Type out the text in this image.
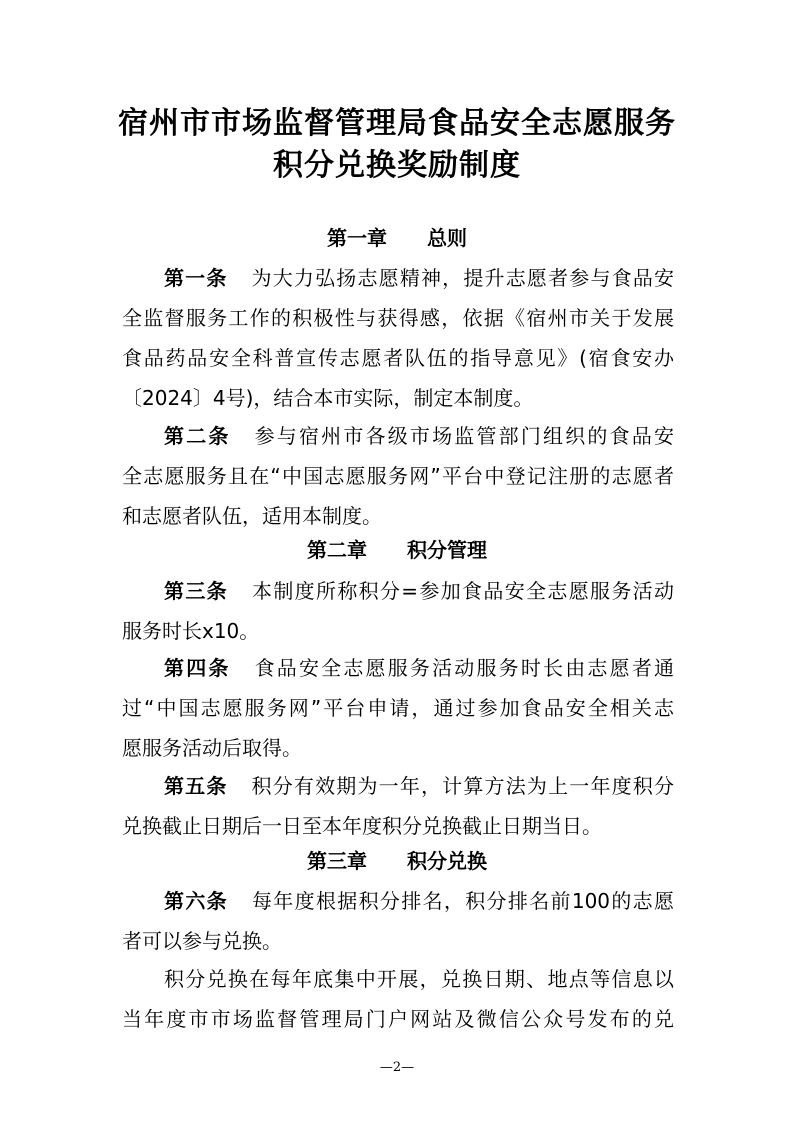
宿州市市场监督管理局食品安全志愿服务
积分兑换奖励制度
第一章　　总则

第一条 为大力弘扬志愿精神，提升志愿者参与食品安

全监督服务工作的积极性与获得感，依据《宿州市关于发展

食品药品安全科普宣传志愿者队伍的指导意见》(宿食安办

〔2024〕4号)，结合本市实际，制定本制度。

第二条 参与宿州市各级市场监管部门组织的食品安

全志愿服务且在“中国志愿服务网”平台中登记注册的志愿者

和志愿者队伍，适用本制度。

第二章　　积分管理

第三条 本制度所称积分=参加食品安全志愿服务活动

服务时长x10。

第四条 食品安全志愿服务活动服务时长由志愿者通

过“中国志愿服务网”平台申请，通过参加食品安全相关志

愿服务活动后取得。

第五条 积分有效期为一年，计算方法为上一年度积分

兑换截止日期后一日至本年度积分兑换截止日期当日。

第三章　　积分兑换

第六条 每年度根据积分排名，积分排名前100的志愿

者可以参与兑换。

积分兑换在每年底集中开展，兑换日期、地点等信息以

当年度市市场监督管理局门户网站及微信公众号发布的兑

—2—
